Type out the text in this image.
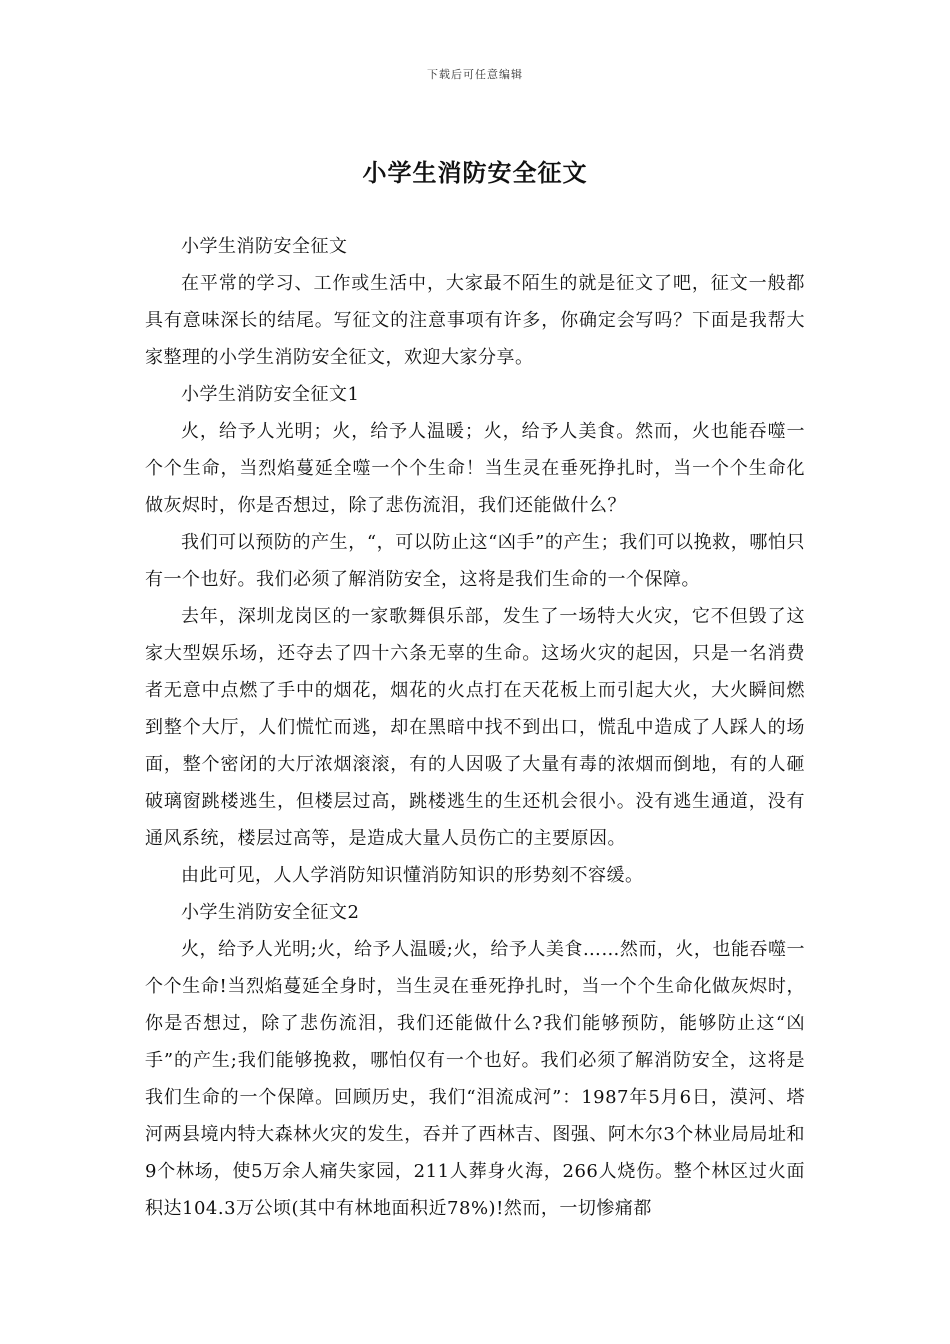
下载后可任意编辑
小学生消防安全征文

小学生消防安全征文

在平常的学习、工作或生活中，大家最不陌生的就是征文了吧，征文一般都具有意味深长的结尾。写征文的注意事项有许多，你确定会写吗？下面是我帮大家整理的小学生消防安全征文，欢迎大家分享。

小学生消防安全征文1

火，给予人光明；火，给予人温暖；火，给予人美食。然而，火也能吞噬一个个生命，当烈焰蔓延全噬一个个生命！当生灵在垂死挣扎时，当一个个生命化做灰烬时，你是否想过，除了悲伤流泪，我们还能做什么？

我们可以预防的产生，“，可以防止这“凶手”的产生；我们可以挽救，哪怕只有一个也好。我们必须了解消防安全，这将是我们生命的一个保障。

去年，深圳龙岗区的一家歌舞俱乐部，发生了一场特大火灾，它不但毁了这家大型娱乐场，还夺去了四十六条无辜的生命。这场火灾的起因，只是一名消费者无意中点燃了手中的烟花，烟花的火点打在天花板上而引起大火，大火瞬间燃到整个大厅，人们慌忙而逃，却在黑暗中找不到出口，慌乱中造成了人踩人的场面，整个密闭的大厅浓烟滚滚，有的人因吸了大量有毒的浓烟而倒地，有的人砸破璃窗跳楼逃生，但楼层过高，跳楼逃生的生还机会很小。没有逃生通道，没有通风系统，楼层过高等，是造成大量人员伤亡的主要原因。

由此可见，人人学消防知识懂消防知识的形势刻不容缓。

小学生消防安全征文2

火，给予人光明;火，给予人温暖;火，给予人美食……然而，火，也能吞噬一个个生命!当烈焰蔓延全身时，当生灵在垂死挣扎时，当一个个生命化做灰烬时，你是否想过，除了悲伤流泪，我们还能做什么?我们能够预防，能够防止这“凶手”的产生;我们能够挽救，哪怕仅有一个也好。我们必须了解消防安全，这将是我们生命的一个保障。回顾历史，我们“泪流成河”：1987年5月6日，漠河、塔河两县境内特大森林火灾的发生，吞并了西林吉、图强、阿木尔3个林业局局址和9个林场，使5万余人痛失家园，211人葬身火海，266人烧伤。整个林区过火面积达104.3万公顷(其中有林地面积近78%)!然而，一切惨痛都
